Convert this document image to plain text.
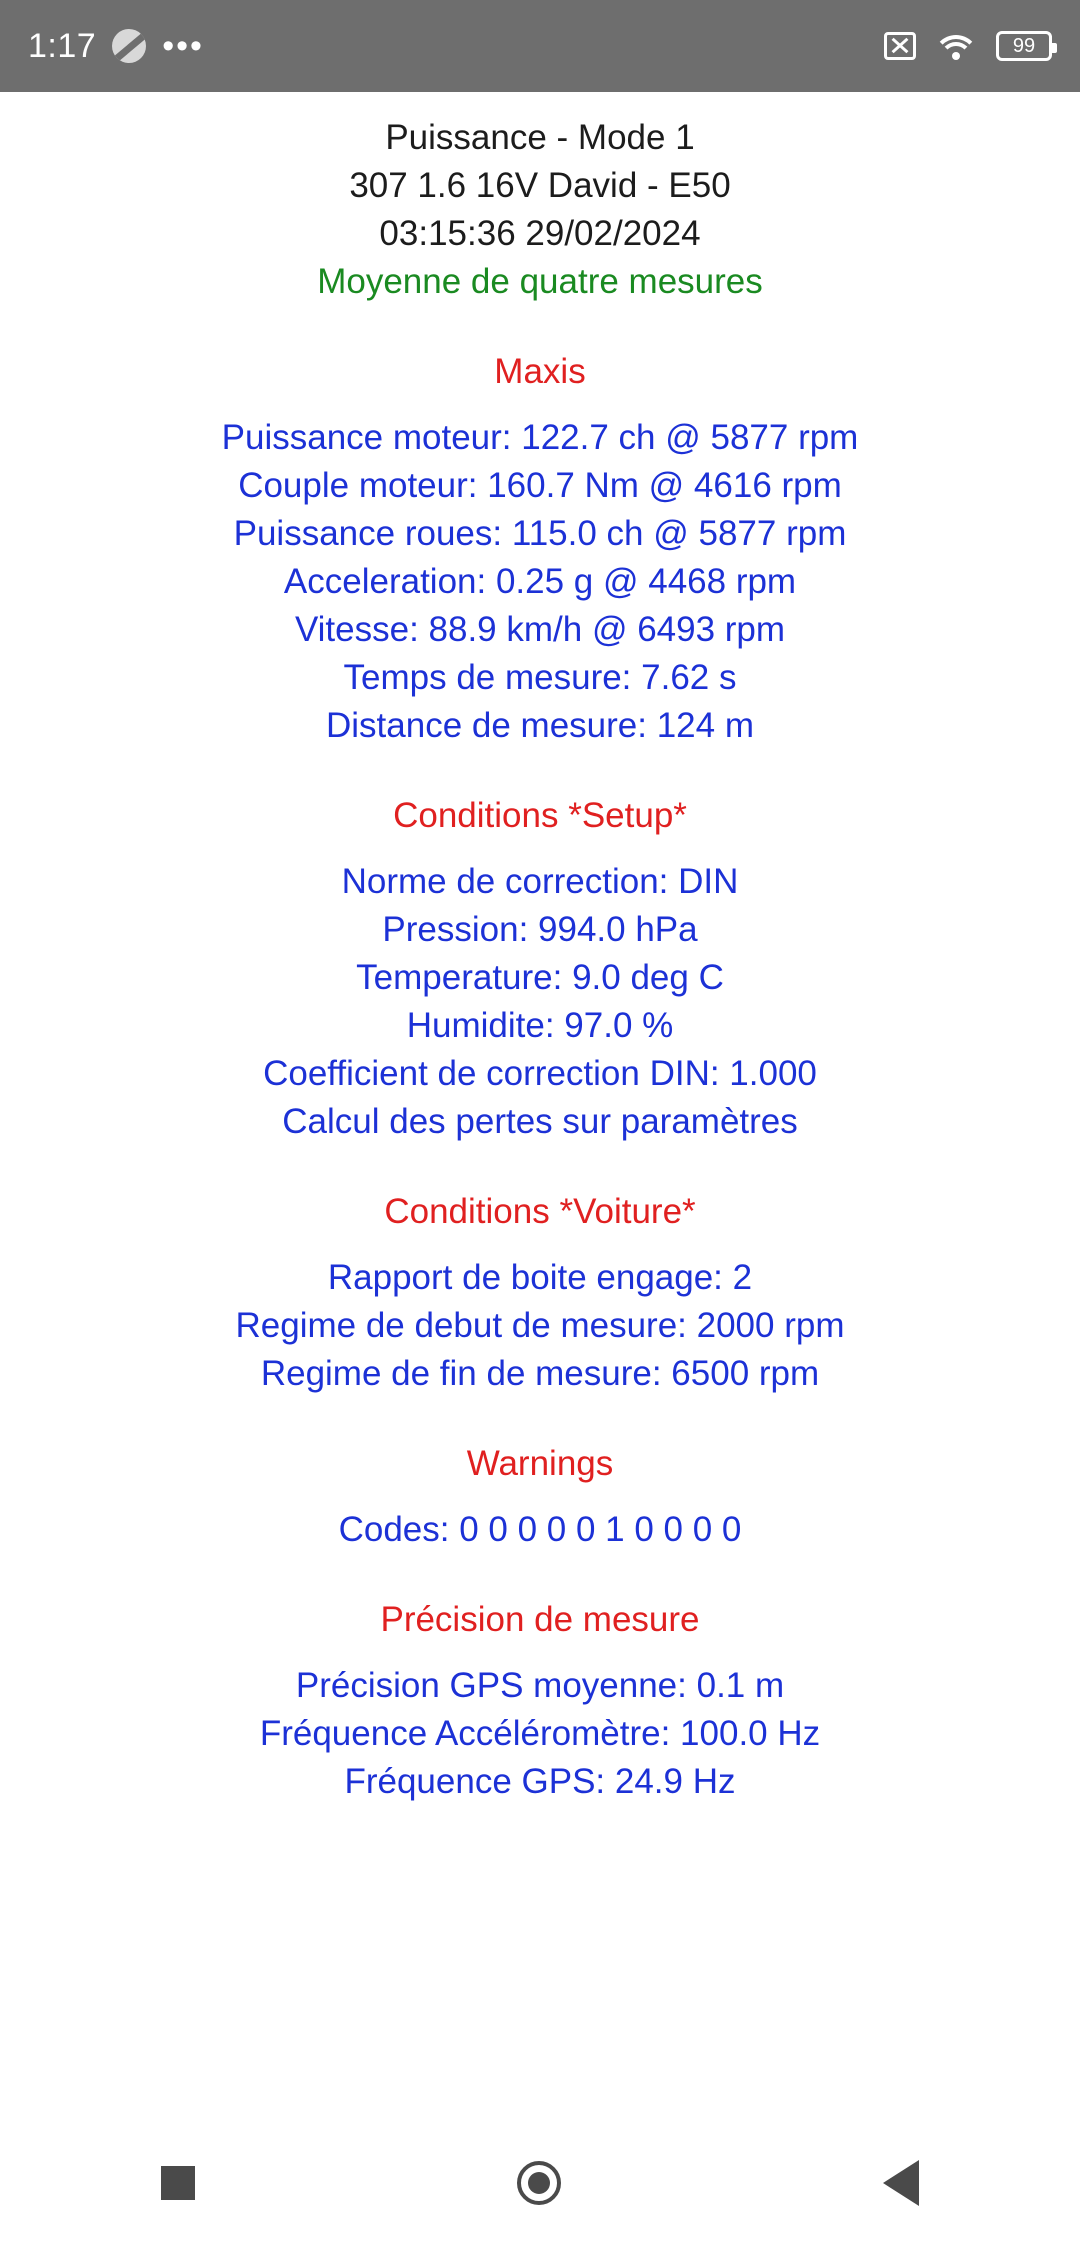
1:17 •••	99
Puissance - Mode 1
307 1.6 16V David - E50
03:15:36 29/02/2024
Moyenne de quatre mesures
Maxis
Puissance moteur: 122.7 ch @ 5877 rpm
Couple moteur: 160.7 Nm @ 4616 rpm
Puissance roues: 115.0 ch @ 5877 rpm
Acceleration: 0.25 g @ 4468 rpm
Vitesse: 88.9 km/h @ 6493 rpm
Temps de mesure: 7.62 s
Distance de mesure: 124 m
Conditions *Setup*
Norme de correction: DIN
Pression: 994.0 hPa
Temperature: 9.0 deg C
Humidite: 97.0 %
Coefficient de correction DIN: 1.000
Calcul des pertes sur paramètres
Conditions *Voiture*
Rapport de boite engage: 2
Regime de debut de mesure: 2000 rpm
Regime de fin de mesure: 6500 rpm
Warnings
Codes: 0 0 0 0 0 1 0 0 0 0
Précision de mesure
Précision GPS moyenne: 0.1 m
Fréquence Accéléromètre: 100.0 Hz
Fréquence GPS: 24.9 Hz
